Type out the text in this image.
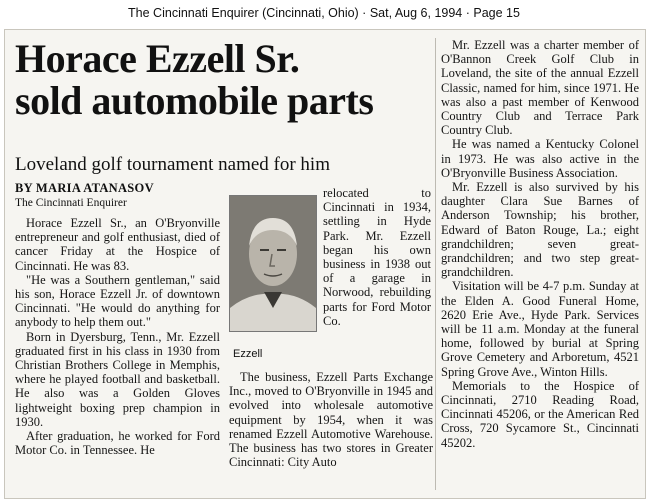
The Cincinnati Enquirer (Cincinnati, Ohio) · Sat, Aug 6, 1994 · Page 15
Horace Ezzell Sr.
sold automobile parts
Loveland golf tournament named for him
BY MARIA ATANASOV
The Cincinnati Enquirer

Horace Ezzell Sr., an O'Bryonville entrepreneur and golf enthusiast, died of cancer Friday at the Hospice of Cincinnati. He was 83.

"He was a Southern gentleman," said his son, Horace Ezzell Jr. of downtown Cincinnati. "He would do anything for anybody to help them out."

Born in Dyersburg, Tenn., Mr. Ezzell graduated first in his class in 1930 from Christian Brothers College in Memphis, where he played football and basketball. He also was a Golden Gloves lightweight boxing prep champion in 1930.

After graduation, he worked for Ford Motor Co. in Tennessee. He

Ezzell

relocated to Cincinnati in 1934, settling in Hyde Park. Mr. Ezzell began his own business in 1938 out of a garage in Norwood, rebuilding parts for Ford Motor Co.

The business, Ezzell Parts Exchange Inc., moved to O'Bryonville in 1945 and evolved into wholesale automotive equipment by 1954, when it was renamed Ezzell Automotive Warehouse. The business has two stores in Greater Cincinnati: City Auto

Mr. Ezzell was a charter member of O'Bannon Creek Golf Club in Loveland, the site of the annual Ezzell Classic, named for him, since 1971. He was also a past member of Kenwood Country Club and Terrace Park Country Club.

He was named a Kentucky Colonel in 1973. He was also active in the O'Bryonville Business Association.

Mr. Ezzell is also survived by his daughter Clara Sue Barnes of Anderson Township; his brother, Edward of Baton Rouge, La.; eight grandchildren; seven great-grandchildren; and two step great-grandchildren.

Visitation will be 4-7 p.m. Sunday at the Elden A. Good Funeral Home, 2620 Erie Ave., Hyde Park. Services will be 11 a.m. Monday at the funeral home, followed by burial at Spring Grove Cemetery and Arboretum, 4521 Spring Grove Ave., Winton Hills.

Memorials to the Hospice of Cincinnati, 2710 Reading Road, Cincinnati 45206, or the American Red Cross, 720 Sycamore St., Cincinnati 45202.
